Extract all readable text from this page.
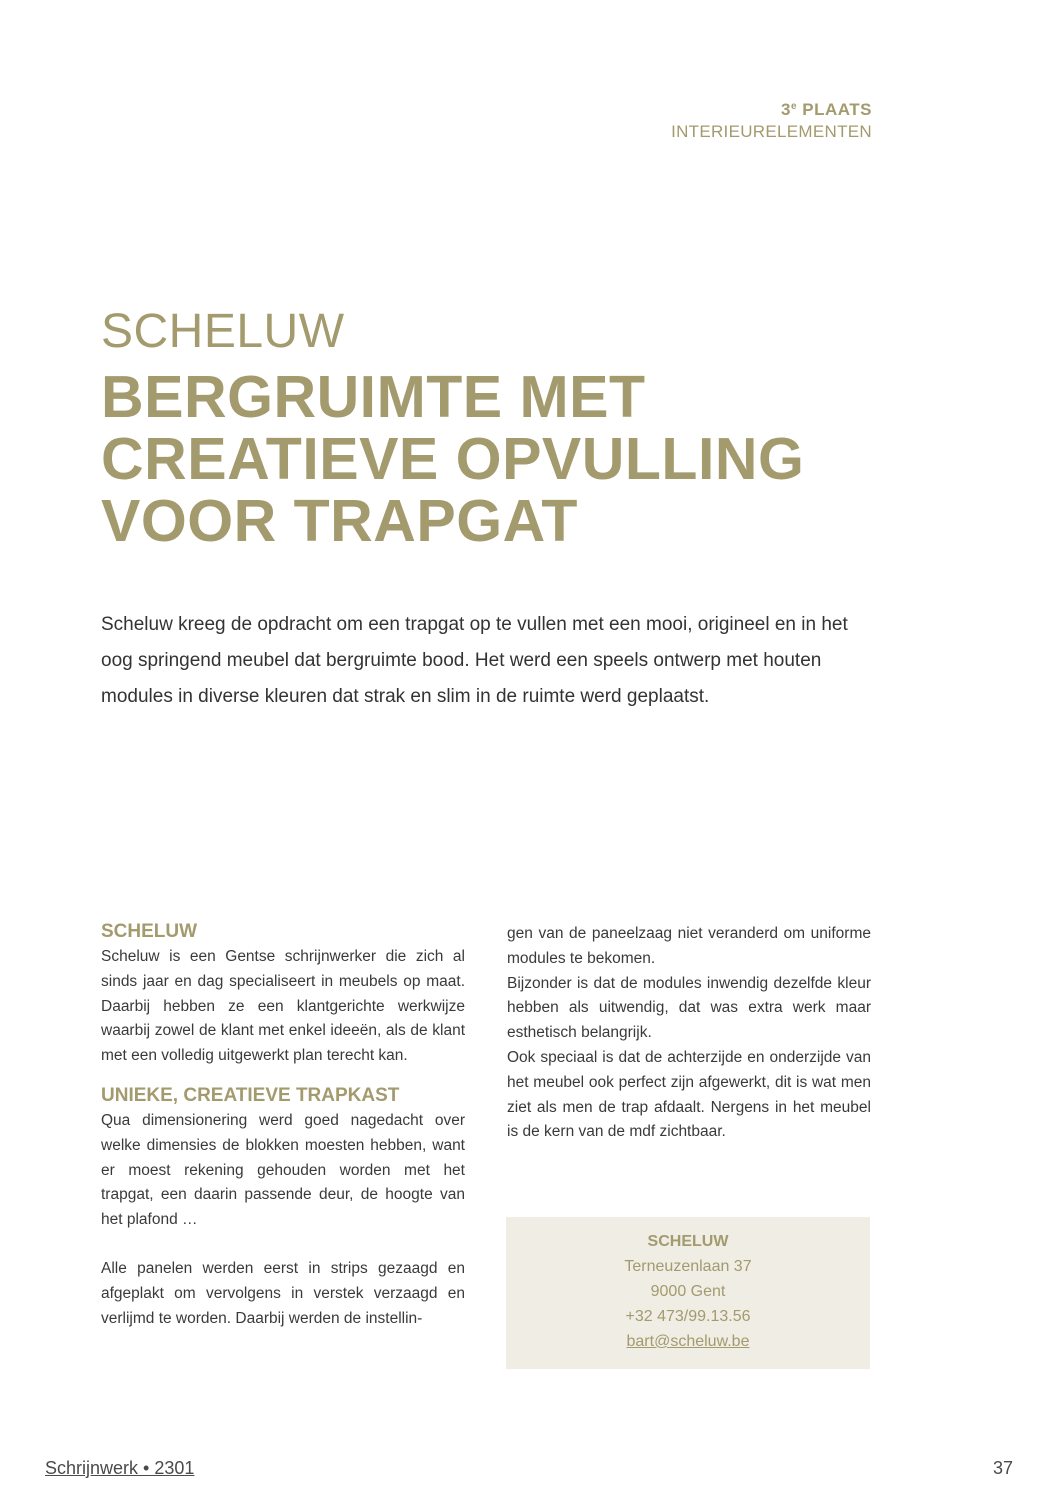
3e PLAATS
INTERIEURELEMENTEN
SCHELUW
BERGRUIMTE MET
CREATIEVE OPVULLING
VOOR TRAPGAT

Scheluw kreeg de opdracht om een trapgat op te vullen met een mooi, origineel en in het oog springend meubel dat bergruimte bood. Het werd een speels ontwerp met houten modules in diverse kleuren dat strak en slim in de ruimte werd geplaatst.

SCHELUW

Scheluw is een Gentse schrijnwerker die zich al sinds jaar en dag specialiseert in meubels op maat. Daarbij hebben ze een klantgerichte werkwijze waarbij zowel de klant met enkel ideeën, als de klant met een volledig uitgewerkt plan terecht kan.

UNIEKE, CREATIEVE TRAPKAST

Qua dimensionering werd goed nagedacht over welke dimensies de blokken moesten hebben, want er moest rekening gehouden worden met het trapgat, een daarin passende deur, de hoogte van het plafond …

Alle panelen werden eerst in strips gezaagd en afgeplakt om vervolgens in verstek verzaagd en verlijmd te worden. Daarbij werden de instellin-

gen van de paneelzaag niet veranderd om uniforme modules te bekomen.

Bijzonder is dat de modules inwendig dezelfde kleur hebben als uitwendig, dat was extra werk maar esthetisch belangrijk.

Ook speciaal is dat de achterzijde en onderzijde van het meubel ook perfect zijn afgewerkt, dit is wat men ziet als men de trap afdaalt. Nergens in het meubel is de kern van de mdf zichtbaar.

SCHELUW
Terneuzenlaan 37
9000 Gent
+32 473/99.13.56
bart@scheluw.be
Schrijnwerk • 2301	37
